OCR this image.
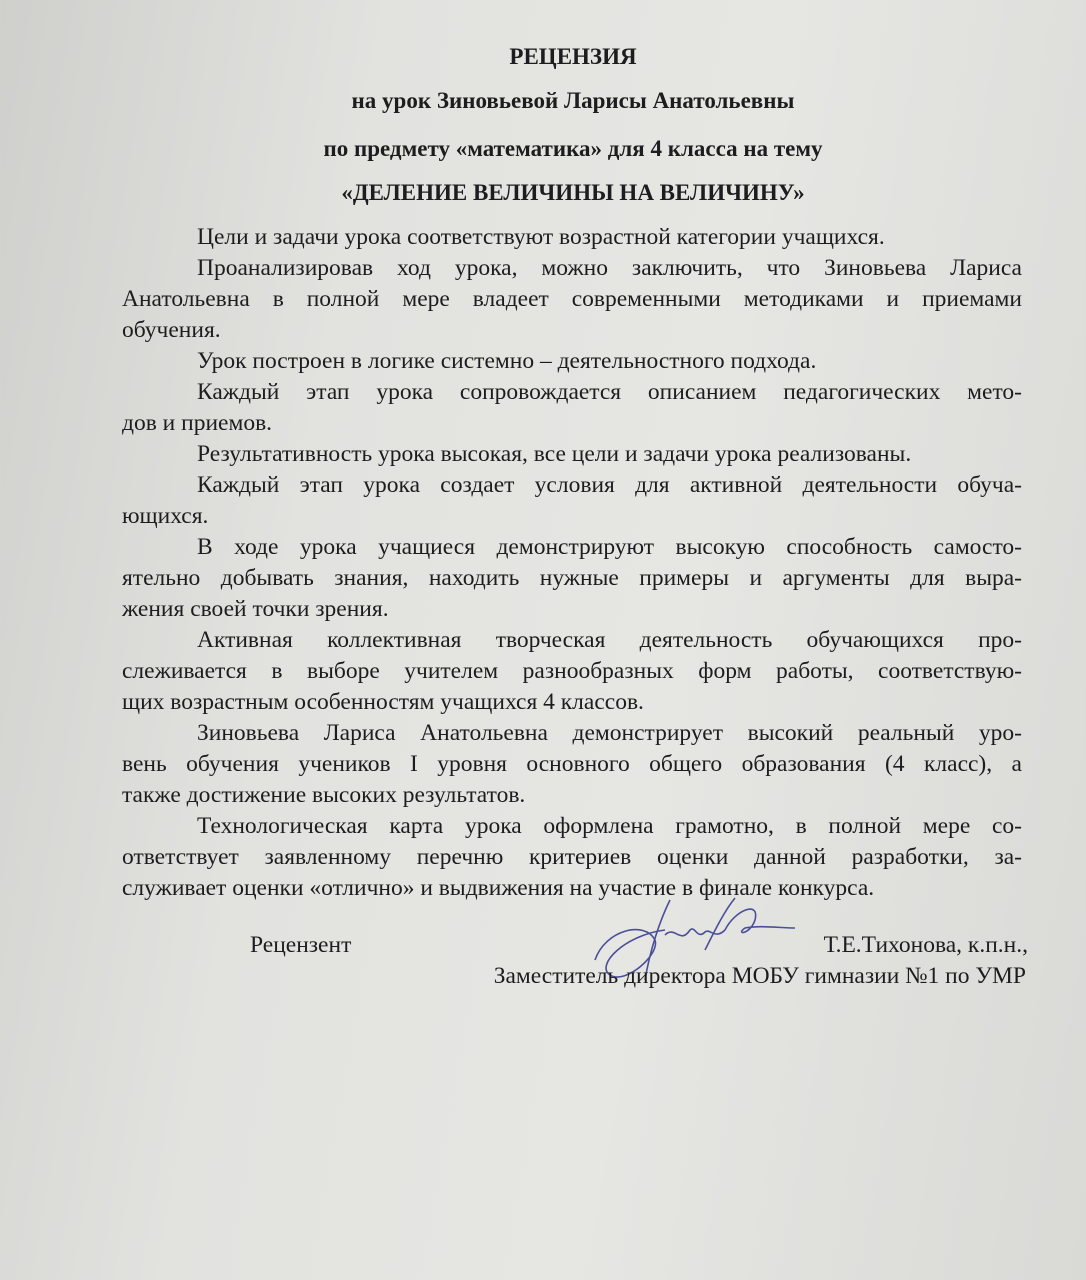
РЕЦЕНЗИЯ
на урок Зиновьевой Ларисы Анатольевны
по предмету «математика» для 4 класса на тему
«ДЕЛЕНИЕ ВЕЛИЧИНЫ НА ВЕЛИЧИНУ»
Цели и задачи урока соответствуют возрастной категории учащихся.
Проанализировав ход урока, можно заключить, что Зиновьева Лариса
Анатольевна в полной мере владеет современными методиками и приемами
обучения.
Урок построен в логике системно – деятельностного подхода.
Каждый этап урока сопровождается описанием педагогических мето-
дов и приемов.
Результативность урока высокая, все цели и задачи урока реализованы.
Каждый этап урока создает условия для активной деятельности обуча-
ющихся.
В ходе урока учащиеся демонстрируют высокую способность самосто-
ятельно добывать знания, находить нужные примеры и аргументы для выра-
жения своей точки зрения.
Активная коллективная творческая деятельность обучающихся про-
слеживается в выборе учителем разнообразных форм работы, соответствую-
щих возрастным особенностям учащихся 4 классов.
Зиновьева Лариса Анатольевна демонстрирует высокий реальный уро-
вень обучения учеников I уровня основного общего образования (4 класс), а
также достижение высоких результатов.
Технологическая карта урока оформлена грамотно, в полной мере со-
ответствует заявленному перечню критериев оценки данной разработки, за-
служивает оценки «отлично» и выдвижения на участие в финале конкурса.
Рецензент	Т.Е.Тихонова, к.п.н.,
Заместитель директора МОБУ гимназии №1 по УМР
